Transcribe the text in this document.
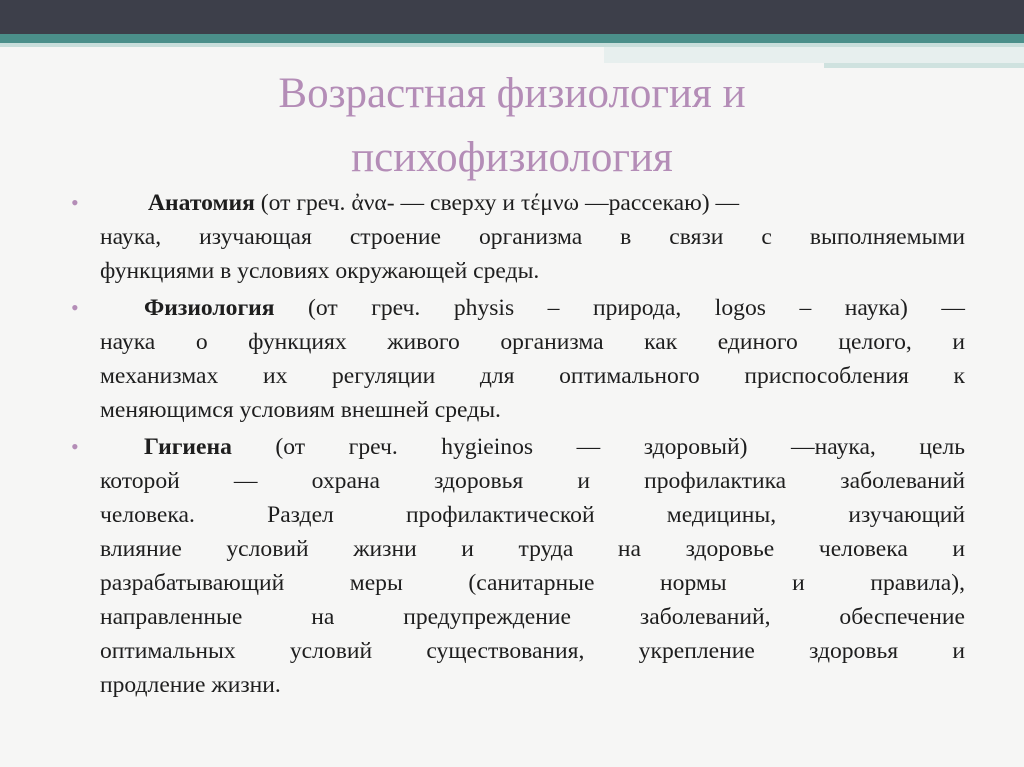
Возрастная физиология и
психофизиология
•	Анатомия (от греч. ἀνα- — сверху и τέμνω —рассекаю) —
наука, изучающая строение организма в связи с выполняемыми
функциями в условиях окружающей среды.
•	Физиология (от греч. physis – природа, logos – наука) —
наука о функциях живого организма как единого целого, и
механизмах их регуляции для оптимального приспособления к
меняющимся условиям внешней среды.
•	Гигиена (от греч. hygieinos — здоровый) —наука, цель
которой — охрана здоровья и профилактика заболеваний
человека. Раздел профилактической медицины, изучающий
влияние условий жизни и труда на здоровье человека и
разрабатывающий меры (санитарные нормы и правила),
направленные на предупреждение заболеваний, обеспечение
оптимальных условий существования, укрепление здоровья и
продление жизни.
